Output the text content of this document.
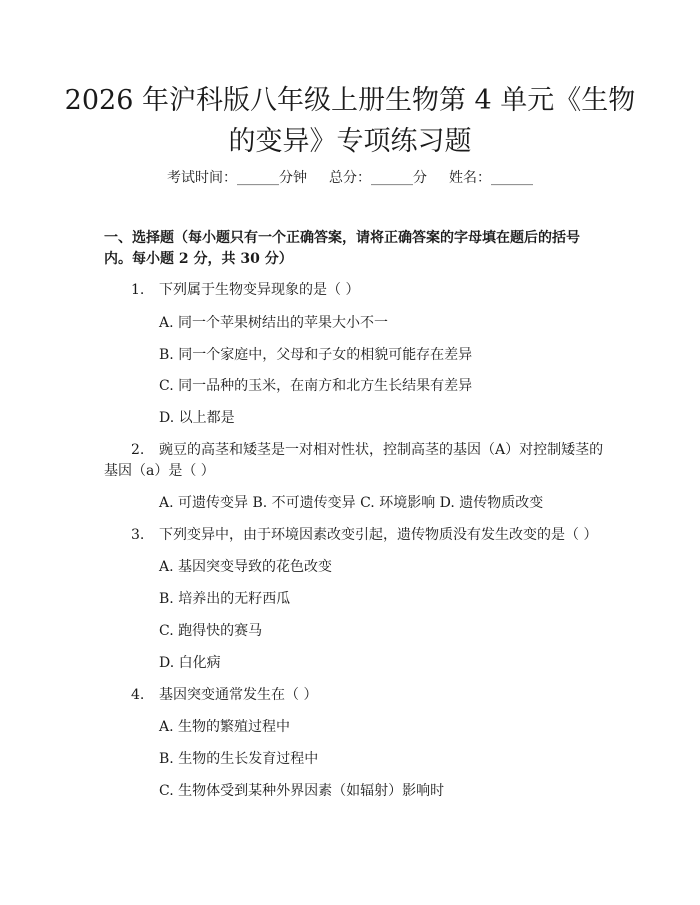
2026 年沪科版八年级上册生物第 4 单元《生物的变异》专项练习题
考试时间：______分钟 总分：______分 姓名：______
一、选择题（每小题只有一个正确答案，请将正确答案的字母填在题后的括号内。每小题 2 分，共 30 分）
1. 下列属于生物变异现象的是（ ）
A. 同一个苹果树结出的苹果大小不一
B. 同一个家庭中，父母和子女的相貌可能存在差异
C. 同一品种的玉米，在南方和北方生长结果有差异
D. 以上都是
2. 豌豆的高茎和矮茎是一对相对性状，控制高茎的基因（A）对控制矮茎的
基因（a）是（ ）
A. 可遗传变异 B. 不可遗传变异 C. 环境影响 D. 遗传物质改变
3. 下列变异中，由于环境因素改变引起，遗传物质没有发生改变的是（ ）
A. 基因突变导致的花色改变
B. 培养出的无籽西瓜
C. 跑得快的赛马
D. 白化病
4. 基因突变通常发生在（ ）
A. 生物的繁殖过程中
B. 生物的生长发育过程中
C. 生物体受到某种外界因素（如辐射）影响时
